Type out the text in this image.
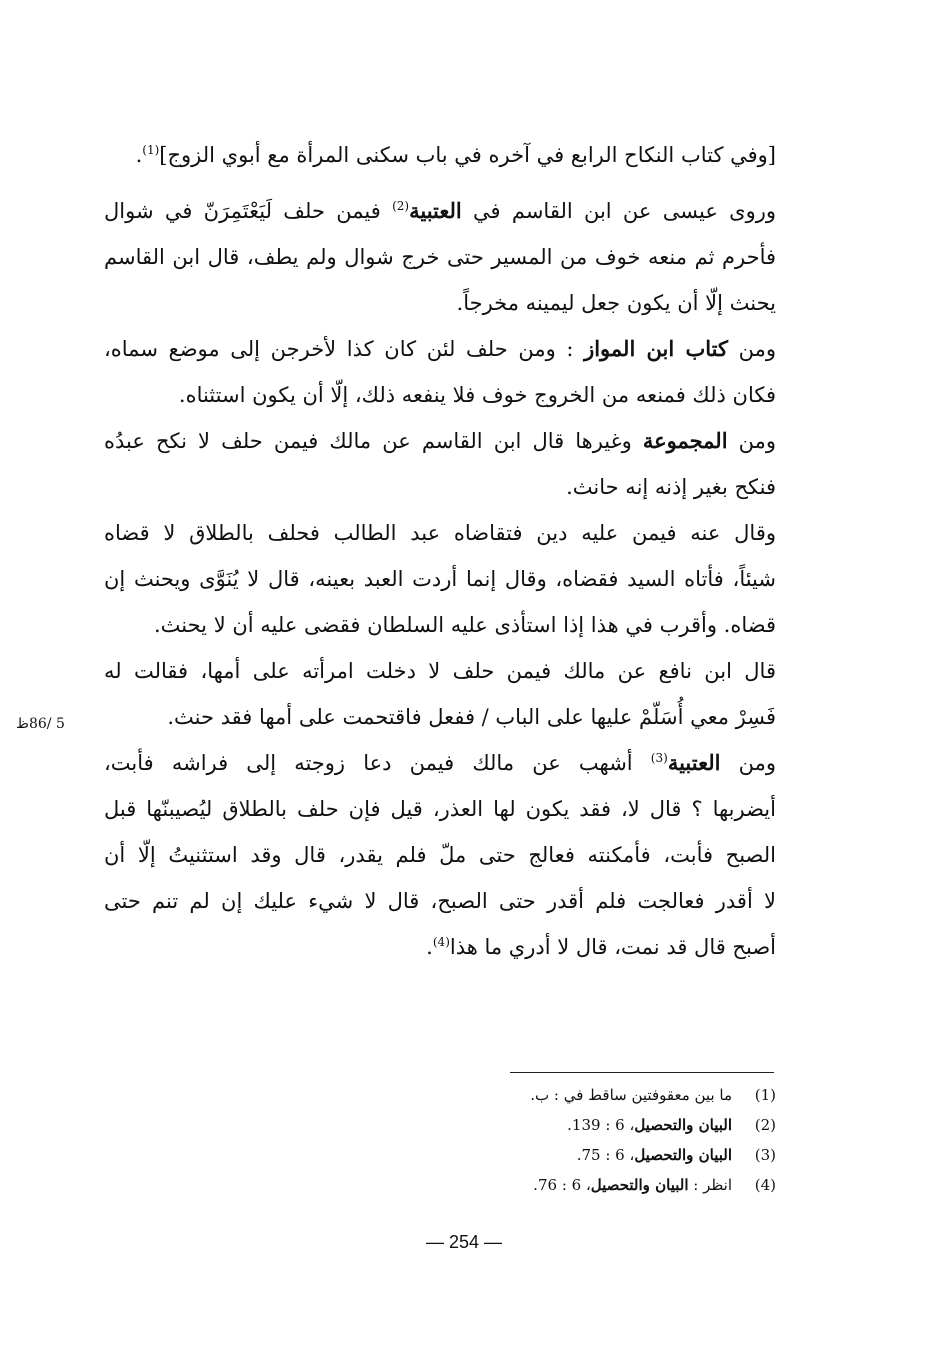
[وفي كتاب النكاح الرابع في آخره في باب سكنى المرأة مع أبوي الزوج]$^{(1)}$.
وروى عيسى عن ابن القاسم في العتبية$^{(2)}$ فيمن حلف لَيَعْتَمِرَنّ في شوال
فأحرم ثم منعه خوف من المسير حتى خرج شوال ولم يطف، قال ابن القاسم
يحنث إلّا أن يكون جعل ليمينه مخرجاً.
ومن كتاب ابن المواز : ومن حلف لئن كان كذا لأخرجن إلى موضع سماه،
فكان ذلك فمنعه من الخروج خوف فلا ينفعه ذلك، إلّا أن يكون استثناه.
ومن المجموعة وغيرها قال ابن القاسم عن مالك فيمن حلف لا نكح عبدُه
فنكح بغير إذنه إنه حانث.
وقال عنه فيمن عليه دين فتقاضاه عبد الطالب فحلف بالطلاق لا قضاه
شيئاً، فأتاه السيد فقضاه، وقال إنما أردت العبد بعينه، قال لا يُنَوَّى ويحنث إن
قضاه. وأقرب في هذا إذا استأذى عليه السلطان فقضى عليه أن لا يحنث.
قال ابن نافع عن مالك فيمن حلف لا دخلت امرأته على أمها، فقالت له
فَسِرْ معي أُسَلّمْ عليها على الباب / ففعل فاقتحمت على أمها فقد حنث.
ومن العتبية$^{(3)}$ أشهب عن مالك فيمن دعا زوجته إلى فراشه فأبت،
أيضربها ؟ قال لا، فقد يكون لها العذر، قيل فإن حلف بالطلاق ليُصيبنّها قبل
الصبح فأبت، فأمكنته فعالج حتى ملّ فلم يقدر، قال وقد استثنيتُ إلّا أن
لا أقدر فعالجت فلم أقدر حتى الصبح، قال لا شيء عليك إن لم تنم حتى
أصبح قال قد نمت، قال لا أدري ما هذا$^{(4)}$.
5 /86ظ
(1)
ما بين معقوفتين ساقط في : ب.
(2)
البيان والتحصيل، 6 : 139.
(3)
البيان والتحصيل، 6 : 75.
(4)
انظر : البيان والتحصيل، 6 : 76.
— 254 —
